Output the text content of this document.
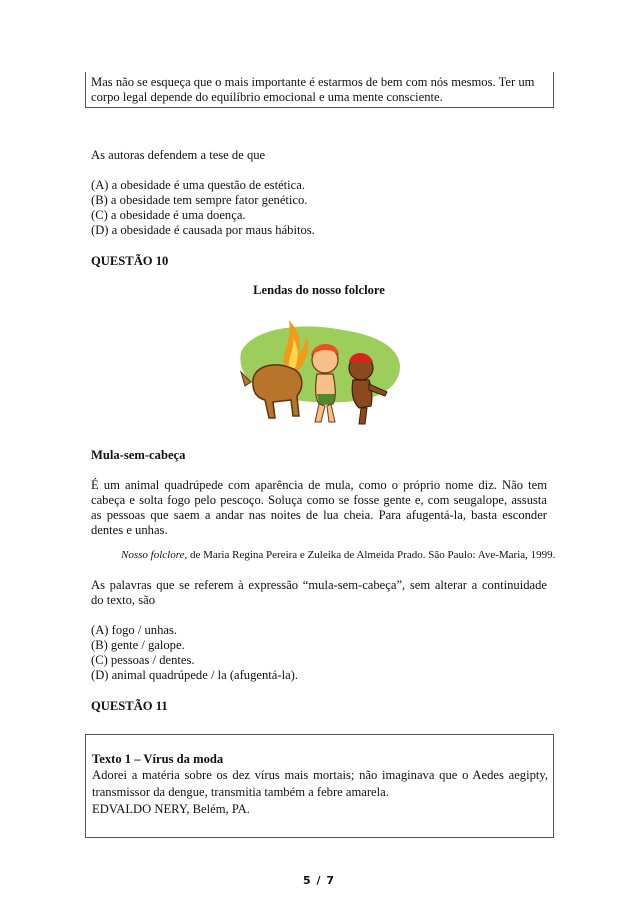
Mas não se esqueça que o mais importante é estarmos de bem com nós mesmos. Ter um

corpo legal depende do equilíbrio emocional e uma mente consciente.

As autoras defendem a tese de que

(A) a obesidade é uma questão de estética.

(B) a obesidade tem sempre fator genético.

(C) a obesidade é uma doença.

(D) a obesidade é causada por maus hábitos.

QUESTÃO 10

Lendas do nosso folclore

Mula-sem-cabeça

É um animal quadrúpede com aparência de mula, como o próprio nome diz. Não tem

cabeça e solta fogo pelo pescoço. Soluça como se fosse gente e, com seugalope, assusta

as pessoas que saem a andar nas noites de lua cheia. Para afugentá-la, basta esconder

dentes e unhas.

Nosso folclore, de Maria Regina Pereira e Zuleika de Almeida Prado. São Paulo: Ave-Maria, 1999.

As palavras que se referem à expressão “mula-sem-cabeça”, sem alterar a continuidade

do texto, são

(A) fogo / unhas.

(B) gente / galope.

(C) pessoas / dentes.

(D) animal quadrúpede / la (afugentá-la).

QUESTÃO 11

Texto 1 – Vírus da moda

Adorei a matéria sobre os dez vírus mais mortais; não imaginava que o Aedes aegipty,

transmissor da dengue, transmitia também a febre amarela.

EDVALDO NERY, Belém, PA.

5 / 7
